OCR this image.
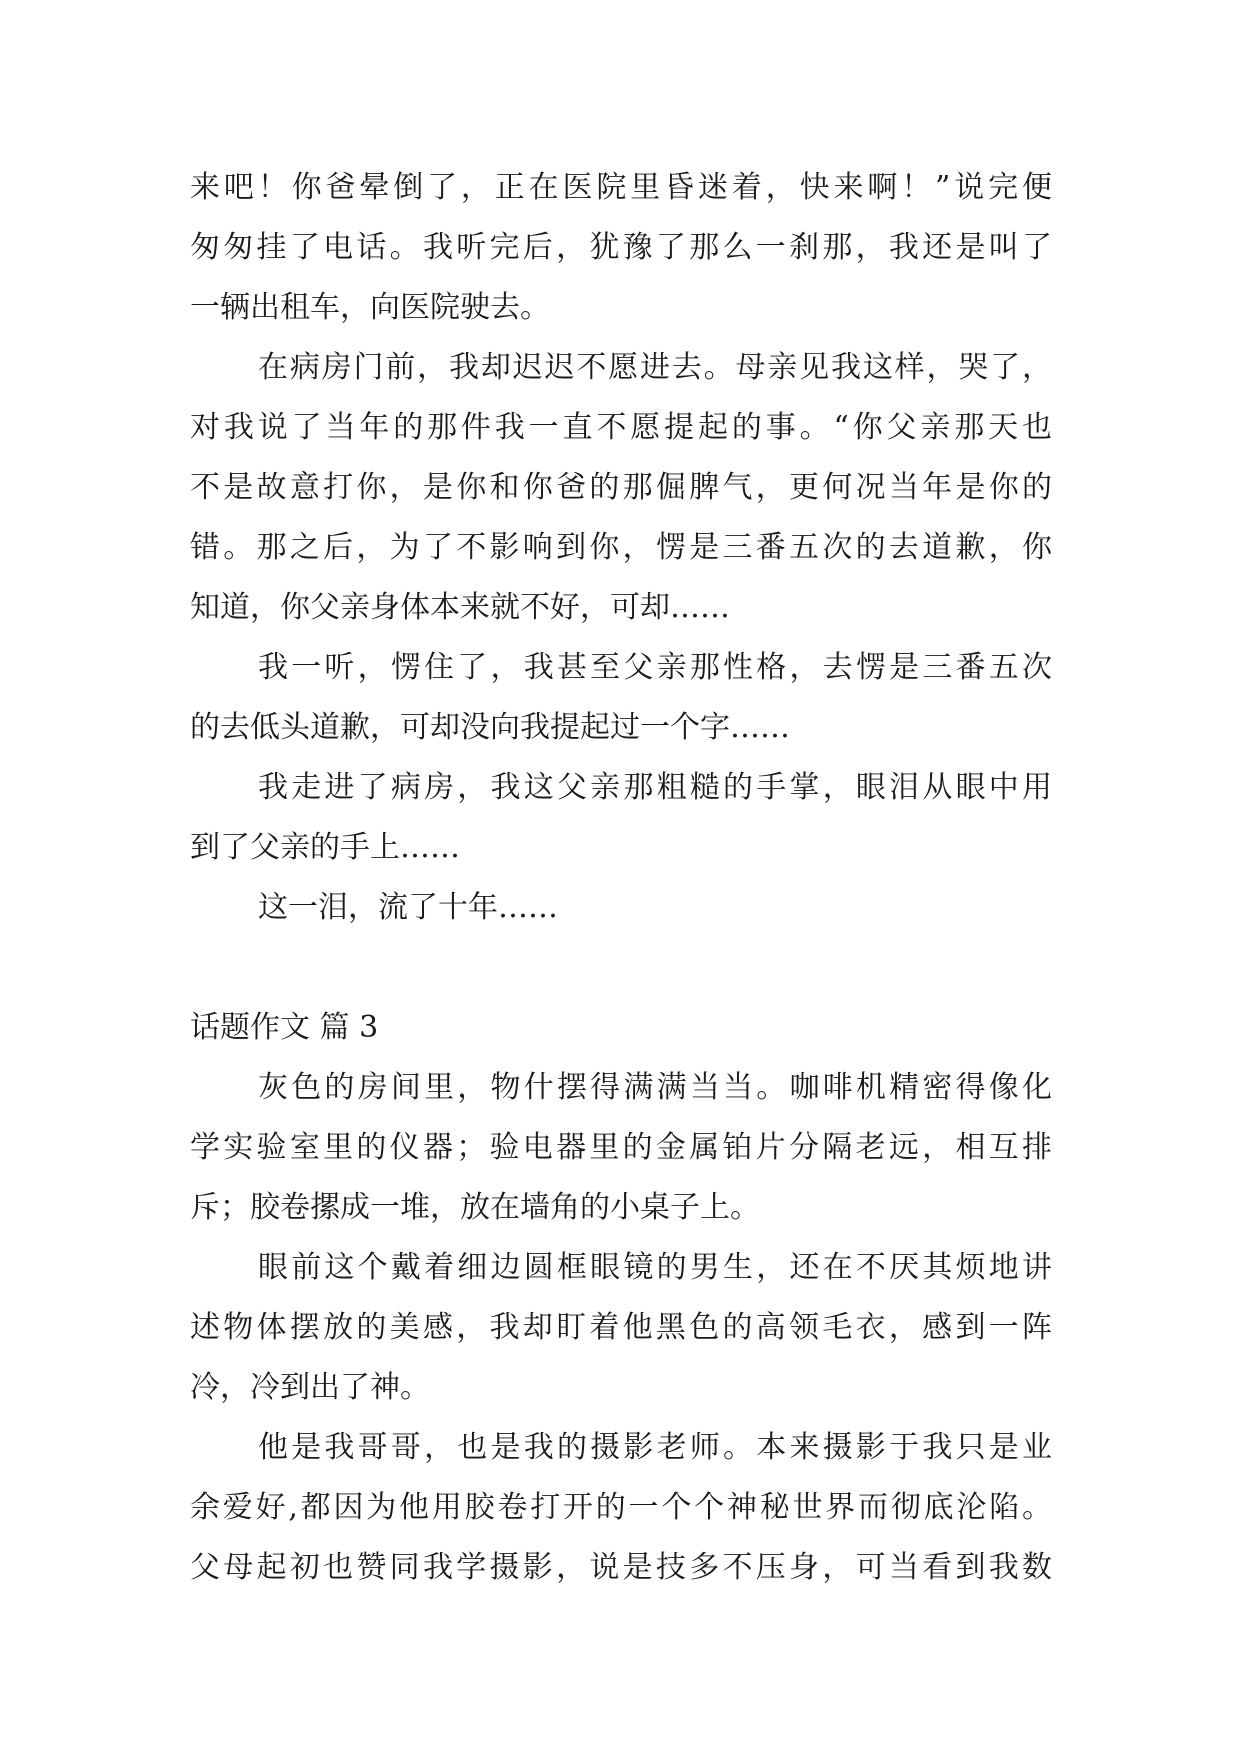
来吧！你爸晕倒了，正在医院里昏迷着，快来啊！”说完便
匆匆挂了电话。我听完后，犹豫了那么一刹那，我还是叫了
一辆出租车，向医院驶去。
在病房门前，我却迟迟不愿进去。母亲见我这样，哭了，
对我说了当年的那件我一直不愿提起的事。“你父亲那天也
不是故意打你，是你和你爸的那倔脾气，更何况当年是你的
错。那之后，为了不影响到你，愣是三番五次的去道歉，你
知道，你父亲身体本来就不好，可却……
我一听，愣住了，我甚至父亲那性格，去愣是三番五次
的去低头道歉，可却没向我提起过一个字……
我走进了病房，我这父亲那粗糙的手掌，眼泪从眼中用
到了父亲的手上……
这一泪，流了十年……
话题作文 篇 3
灰色的房间里，物什摆得满满当当。咖啡机精密得像化
学实验室里的仪器；验电器里的金属铂片分隔老远，相互排
斥；胶卷摞成一堆，放在墙角的小桌子上。
眼前这个戴着细边圆框眼镜的男生，还在不厌其烦地讲
述物体摆放的美感，我却盯着他黑色的高领毛衣，感到一阵
冷，冷到出了神。
他是我哥哥，也是我的摄影老师。本来摄影于我只是业
余爱好,都因为他用胶卷打开的一个个神秘世界而彻底沦陷。
父母起初也赞同我学摄影，说是技多不压身，可当看到我数
